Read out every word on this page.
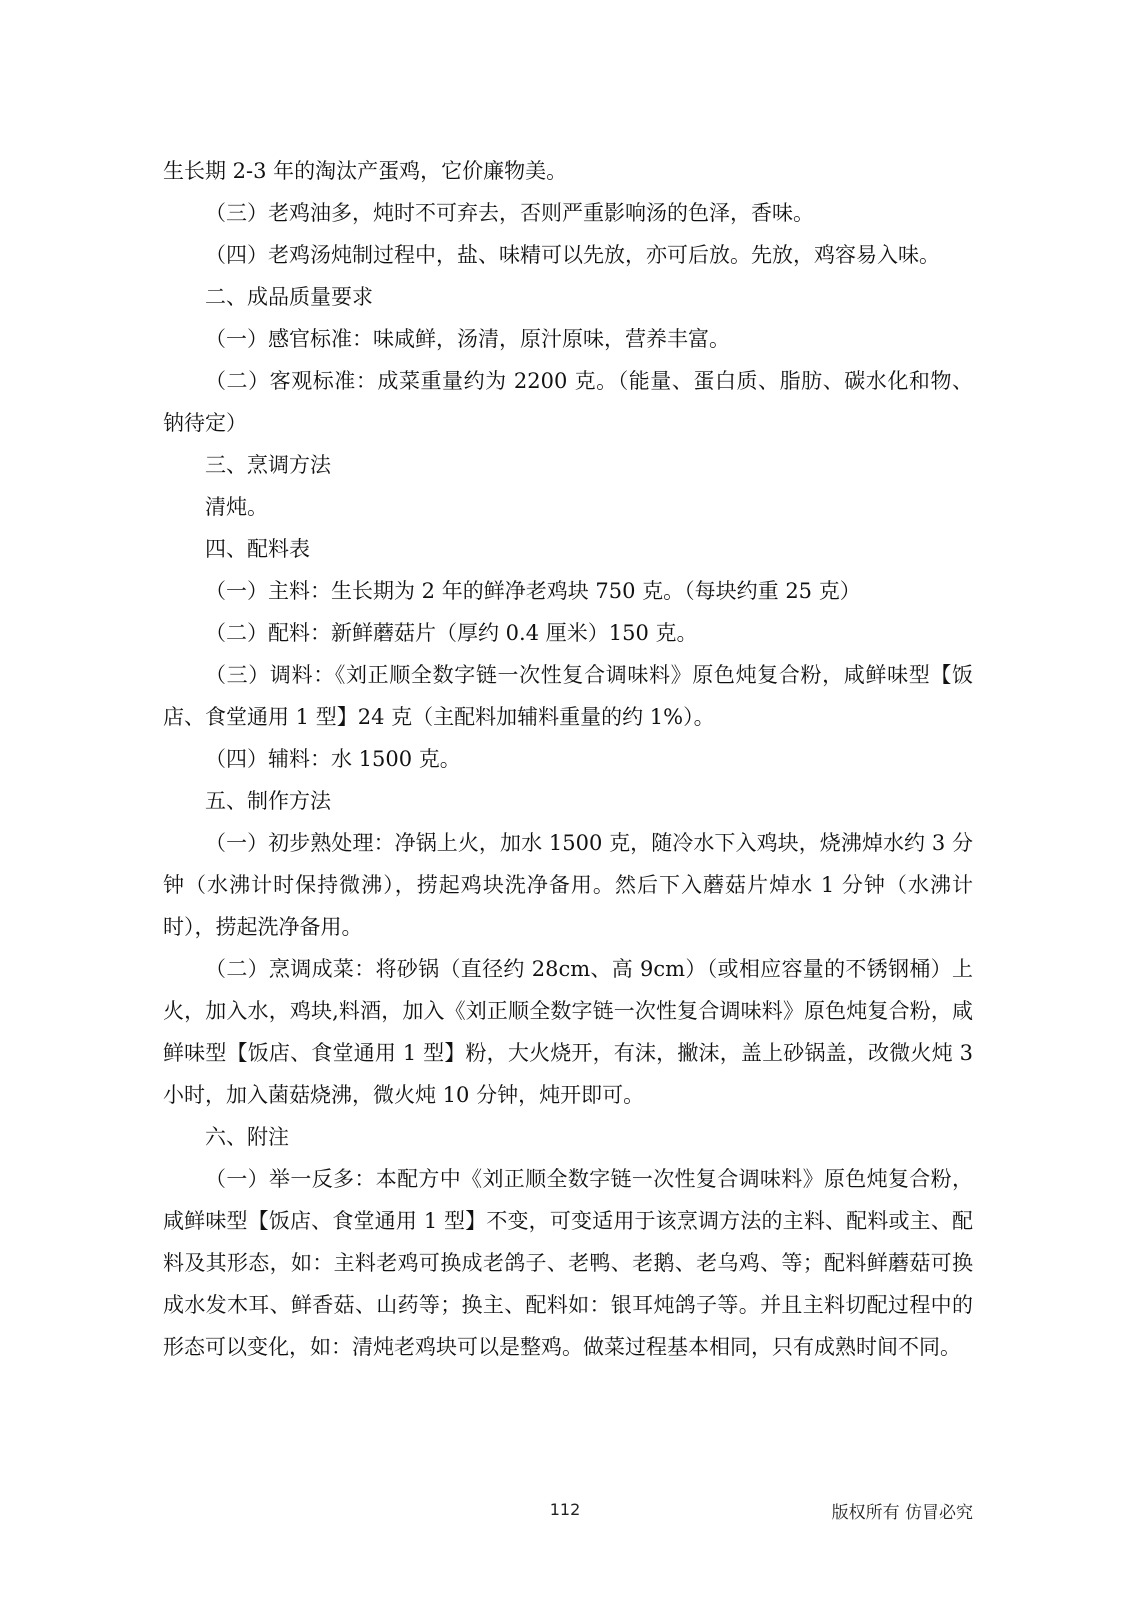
生长期 2-3 年的淘汰产蛋鸡，它价廉物美。

（三）老鸡油多，炖时不可弃去，否则严重影响汤的色泽，香味。

（四）老鸡汤炖制过程中，盐、味精可以先放，亦可后放。先放，鸡容易入味。

二、成品质量要求

（一）感官标准：味咸鲜，汤清，原汁原味，营养丰富。

（二）客观标准：成菜重量约为 2200 克。（能量、蛋白质、脂肪、碳水化和物、钠待定）

三、烹调方法

清炖。

四、配料表

（一）主料：生长期为 2 年的鲜净老鸡块 750 克。（每块约重 25 克）

（二）配料：新鲜蘑菇片（厚约 0.4 厘米）150 克。

（三）调料：《刘正顺全数字链一次性复合调味料》原色炖复合粉，咸鲜味型【饭店、食堂通用 1 型】24 克（主配料加辅料重量的约 1%）。

（四）辅料：水 1500 克。

五、制作方法

（一）初步熟处理：净锅上火，加水 1500 克，随冷水下入鸡块，烧沸焯水约 3 分钟（水沸计时保持微沸），捞起鸡块洗净备用。然后下入蘑菇片焯水 1 分钟（水沸计时），捞起洗净备用。

（二）烹调成菜：将砂锅（直径约 28cm、高 9cm）（或相应容量的不锈钢桶）上火，加入水，鸡块,料酒，加入《刘正顺全数字链一次性复合调味料》原色炖复合粉，咸鲜味型【饭店、食堂通用 1 型】粉，大火烧开，有沫，撇沫，盖上砂锅盖，改微火炖 3 小时，加入菌菇烧沸，微火炖 10 分钟，炖开即可。

六、附注

（一）举一反多：本配方中《刘正顺全数字链一次性复合调味料》原色炖复合粉，咸鲜味型【饭店、食堂通用 1 型】不变，可变适用于该烹调方法的主料、配料或主、配料及其形态，如：主料老鸡可换成老鸽子、老鸭、老鹅、老乌鸡、等；配料鲜蘑菇可换成水发木耳、鲜香菇、山药等；换主、配料如：银耳炖鸽子等。并且主料切配过程中的形态可以变化，如：清炖老鸡块可以是整鸡。做菜过程基本相同，只有成熟时间不同。

112	版权所有 仿冒必究
